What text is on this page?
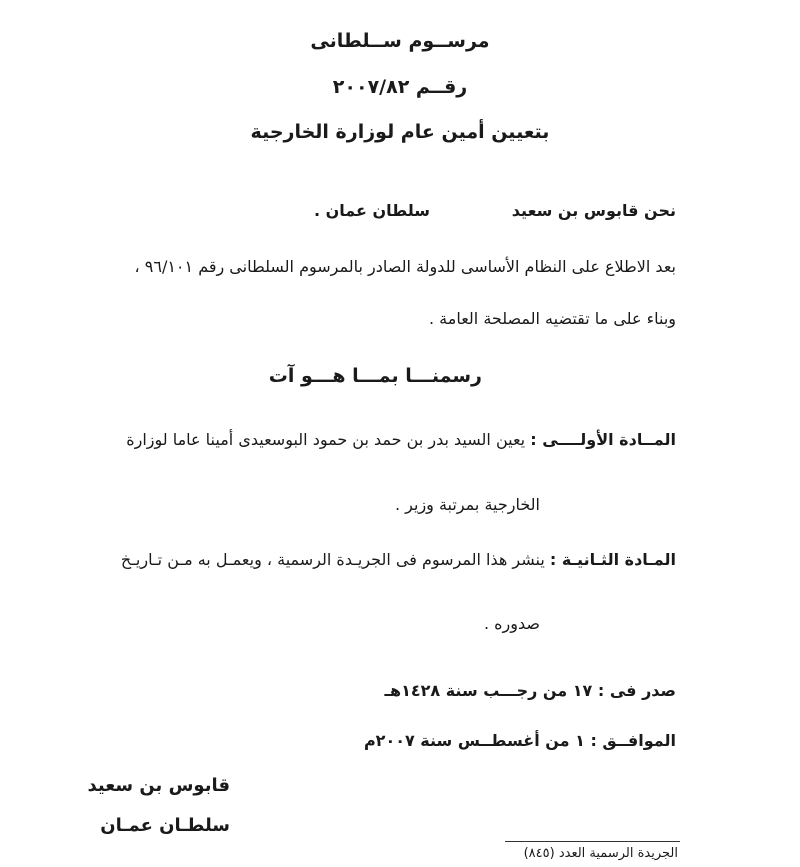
مرســوم ســلطانى
رقــم ٢٠٠٧/٨٢
بتعيين أمين عام لوزارة الخارجية
نحن قابوس بن سعيد
سلطان عمان .
بعد الاطلاع على النظام الأساسى للدولة الصادر بالمرسوم السلطانى رقم ٩٦/١٠١ ،
وبناء على ما تقتضيه المصلحة العامة .
رسمنـــا بمـــا هـــو آت
المــادة الأولــــى : يعين السيد بدر بن حمد بن حمود البوسعيدى أمينا عاما لوزارة
الخارجية بمرتبة وزير .
المـادة الثـانيـة : ينشر هذا المرسوم فى الجريـدة الرسمية ، ويعمـل به مـن تـاريـخ
صدوره .
صدر فى : ١٧ من رجـــب سنة ١٤٢٨هـ
الموافــق : ١ من أغسطــس سنة ٢٠٠٧م
قابوس بن سعيد
سلطـان عمـان
الجريدة الرسمية العدد (٨٤٥)
